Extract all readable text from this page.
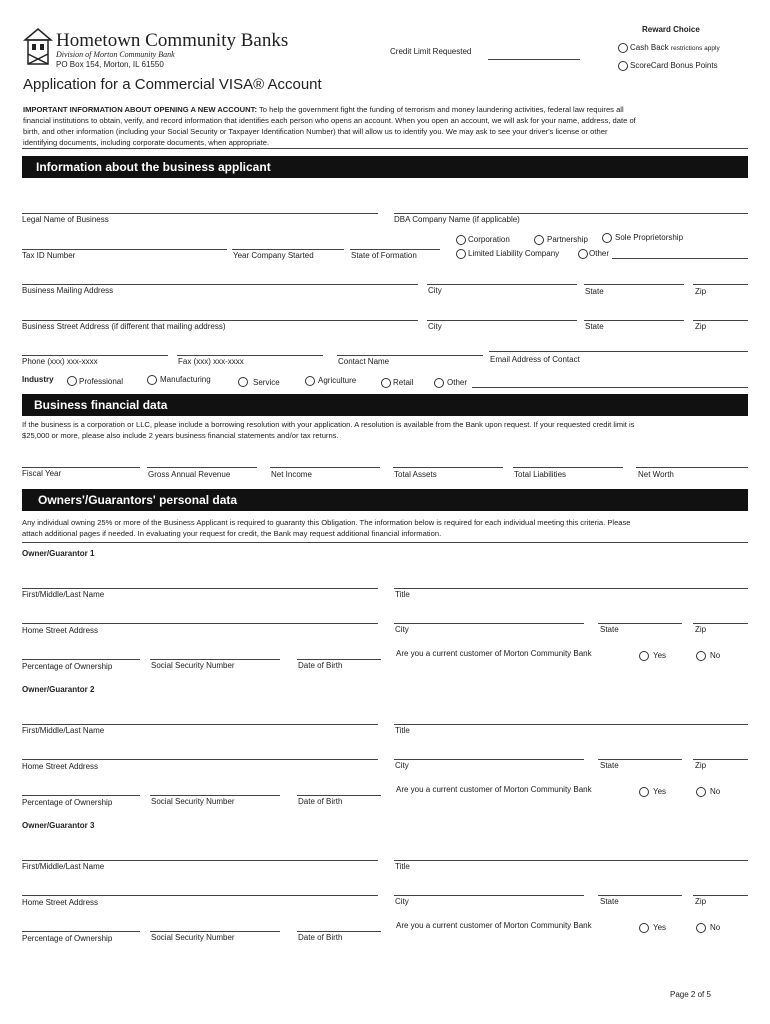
Hometown Community Banks
Division of Morton Community Bank
PO Box 154, Morton, IL 61550
Application for a Commercial VISA® Account
Credit Limit Requested
Reward Choice
Cash Back restrictions apply
ScoreCard Bonus Points
IMPORTANT INFORMATION ABOUT OPENING A NEW ACCOUNT: To help the government fight the funding of terrorism and money laundering activities, federal law requires all
financial institutions to obtain, verify, and record information that identifies each person who opens an account. When you open an account, we will ask for your name, address, date of
birth, and other information (including your Social Security or Taxpayer Identification Number) that will allow us to identify you. We may ask to see your driver's license or other
identifying documents, including corporate documents, when appropriate.
Information about the business applicant
Legal Name of Business	DBA Company Name (if applicable)
Tax ID Number	Year Company Started	State of Formation
Corporation	Partnership	Sole Proprietorship
Limited Liability Company	Other
Business Mailing Address	City	State	Zip
Business Street Address (if different that mailing address)	City	State	Zip
Phone (xxx) xxx-xxxx	Fax (xxx) xxx-xxxx	Contact Name	Email Address of Contact
Industry	Professional	Manufacturing	Service	Agriculture	Retail	Other
Business financial data
If the business is a corporation or LLC, please include a borrowing resolution with your application. A resolution is available from the Bank upon request. If your requested credit limit is
$25,000 or more, please also include 2 years business financial statements and/or tax returns.
Fiscal Year	Gross Annual Revenue	Net Income	Total Assets	Total Liabilities	Net Worth
Owners'/Guarantors' personal data
Any individual owning 25% or more of the Business Applicant is required to guaranty this Obligation. The information below is required for each individual meeting this criteria. Please
attach additional pages if needed. In evaluating your request for credit, the Bank may request additional financial information.
Owner/Guarantor 1
First/Middle/Last Name	Title
Home Street Address	City	State	Zip
Percentage of Ownership	Social Security Number	Date of Birth
Are you a current customer of Morton Community Bank	Yes	No
Owner/Guarantor 2
First/Middle/Last Name	Title
Home Street Address	City	State	Zip
Percentage of Ownership	Social Security Number	Date of Birth
Are you a current customer of Morton Community Bank	Yes	No
Owner/Guarantor 3
First/Middle/Last Name	Title
Home Street Address	City	State	Zip
Percentage of Ownership	Social Security Number	Date of Birth
Are you a current customer of Morton Community Bank	Yes	No
Page 2 of 5
